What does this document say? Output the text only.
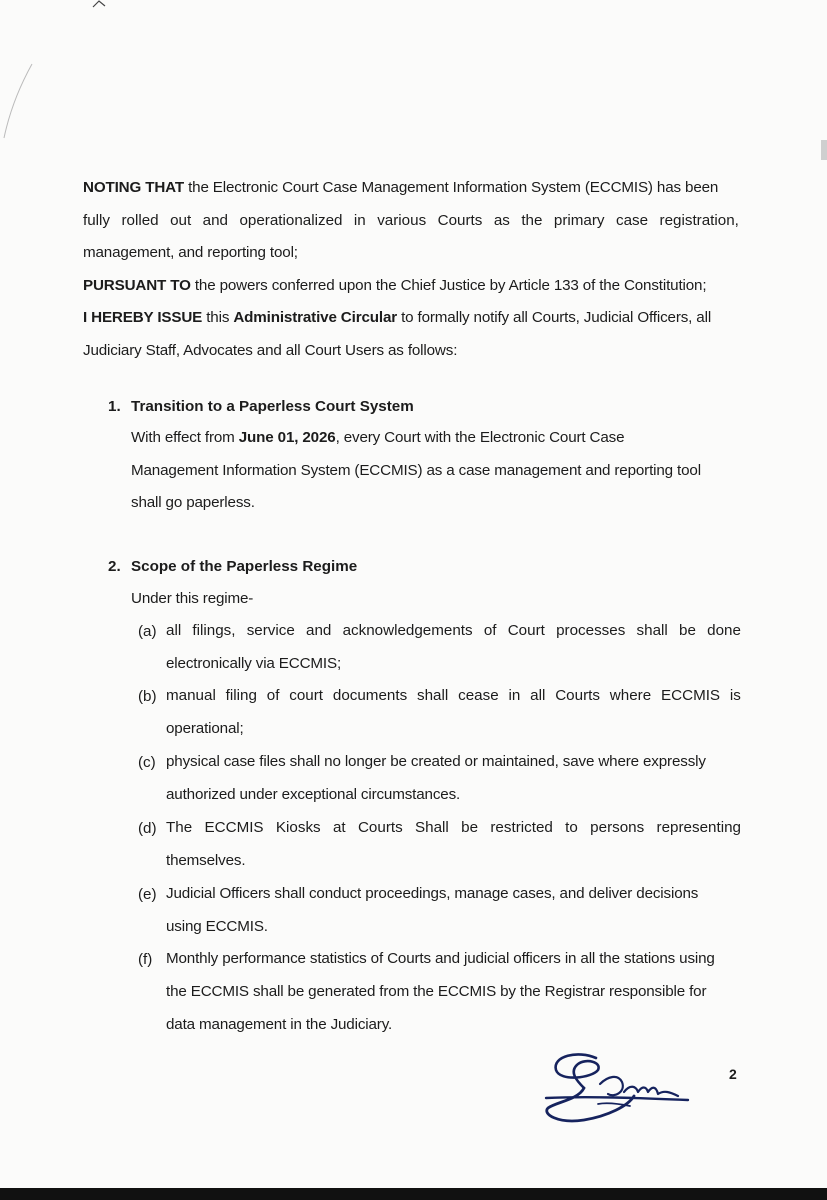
NOTING THAT the Electronic Court Case Management Information System (ECCMIS) has been
fully rolled out and operationalized in various Courts as the primary case registration,
management, and reporting tool;
PURSUANT TO the powers conferred upon the Chief Justice by Article 133 of the Constitution;
I HEREBY ISSUE this Administrative Circular to formally notify all Courts, Judicial Officers, all
Judiciary Staff, Advocates and all Court Users as follows:
1. Transition to a Paperless Court System
With effect from June 01, 2026, every Court with the Electronic Court Case
Management Information System (ECCMIS) as a case management and reporting tool
shall go paperless.
2. Scope of the Paperless Regime
Under this regime-
(a) all filings, service and acknowledgements of Court processes shall be done
electronically via ECCMIS;
(b) manual filing of court documents shall cease in all Courts where ECCMIS is
operational;
(c) physical case files shall no longer be created or maintained, save where expressly
authorized under exceptional circumstances.
(d) The ECCMIS Kiosks at Courts Shall be restricted to persons representing
themselves.
(e) Judicial Officers shall conduct proceedings, manage cases, and deliver decisions
using ECCMIS.
(f) Monthly performance statistics of Courts and judicial officers in all the stations using
the ECCMIS shall be generated from the ECCMIS by the Registrar responsible for
data management in the Judiciary.
2
